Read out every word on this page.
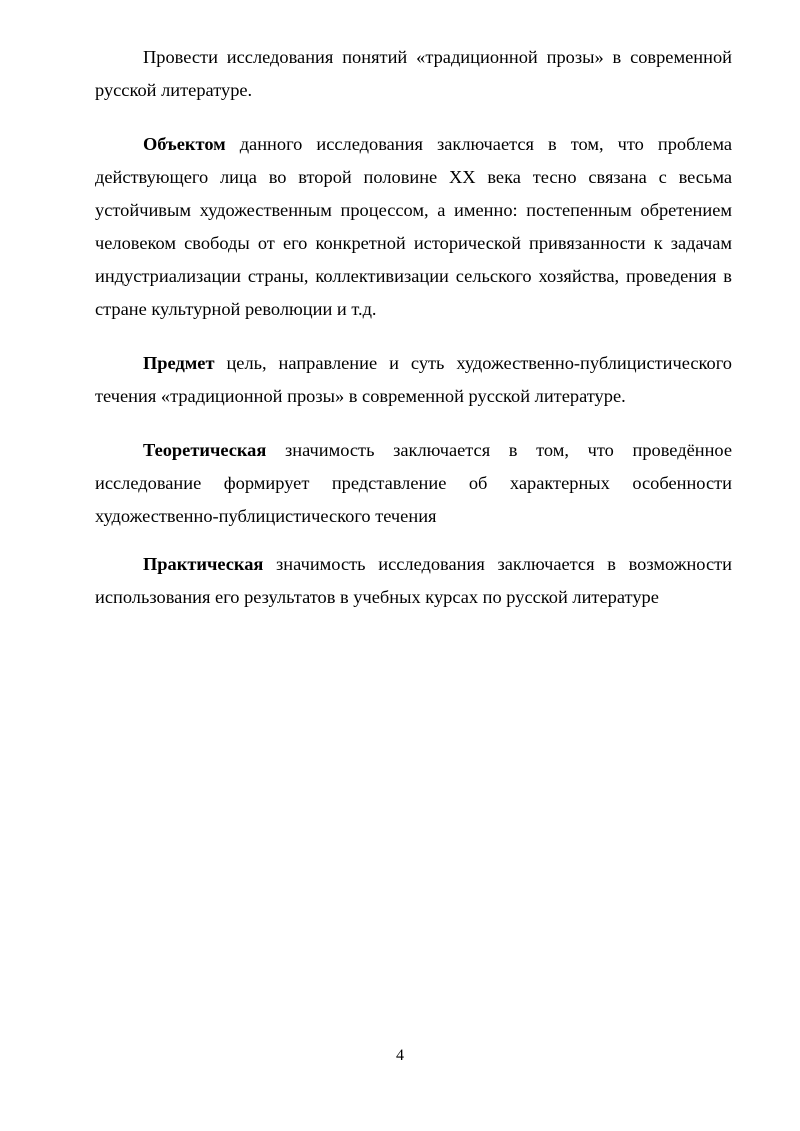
Провести исследования понятий «традиционной прозы» в современной русской литературе.

Объектом данного исследования заключается в том, что проблема действующего лица во второй половине XX века тесно связана с весьма устойчивым художественным процессом, а именно: постепенным обретением человеком свободы от его конкретной исторической привязанности к задачам индустриализации страны, коллективизации сельского хозяйства, проведения в стране культурной революции и т.д.

Предмет цель, направление и суть художественно-публицистического течения «традиционной прозы» в современной русской литературе.

Теоретическая значимость заключается в том, что проведённое исследование формирует представление об характерных особенности художественно-публицистического течения

Практическая значимость исследования заключается в возможности использования его результатов в учебных курсах по русской литературе

4
